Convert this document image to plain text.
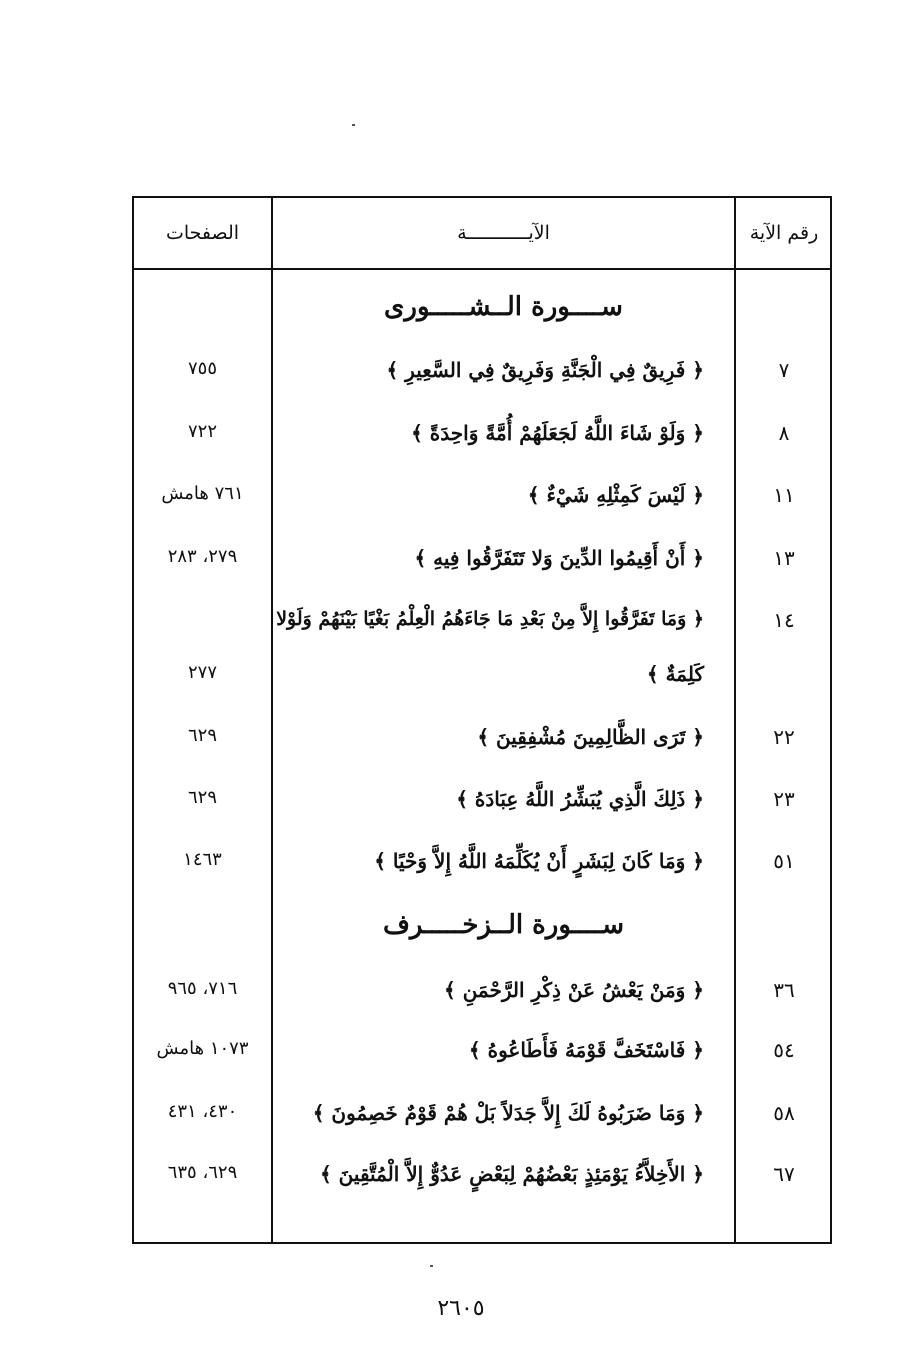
الصفحات	الآيـــــــــــة	رقم الآية
ســــورة الــشـــــورى
٧
﴿ فَرِيقٌ فِي الْجَنَّةِ وَفَرِيقٌ فِي السَّعِيرِ ﴾
٧٥٥
٨
﴿ وَلَوْ شَاءَ اللَّهُ لَجَعَلَهُمْ أُمَّةً وَاحِدَةً ﴾
٧٢٢
١١
﴿ لَيْسَ كَمِثْلِهِ شَيْءٌ ﴾
٧٦١ هامش
١٣
﴿ أَنْ أَقِيمُوا الدِّينَ وَلا تَتَفَرَّقُوا فِيهِ ﴾
٢٧٩، ٢٨٣
١٤
﴿ وَمَا تَفَرَّقُوا إِلاَّ مِنْ بَعْدِ مَا جَاءَهُمُ الْعِلْمُ بَغْيًا بَيْنَهُمْ وَلَوْلا
كَلِمَةٌ ﴾
٢٧٧
٢٢
﴿ تَرَى الظَّالِمِينَ مُشْفِقِينَ ﴾
٦٢٩
٢٣
﴿ ذَلِكَ الَّذِي يُبَشِّرُ اللَّهُ عِبَادَهُ ﴾
٦٢٩
٥١
﴿ وَمَا كَانَ لِبَشَرٍ أَنْ يُكَلِّمَهُ اللَّهُ إِلاَّ وَحْيًا ﴾
١٤٦٣
ســــورة الــزخـــــرف
٣٦
﴿ وَمَنْ يَعْشُ عَنْ ذِكْرِ الرَّحْمَنِ ﴾
٧١٦، ٩٦٥
٥٤
﴿ فَاسْتَخَفَّ قَوْمَهُ فَأَطَاعُوهُ ﴾
١٠٧٣ هامش
٥٨
﴿ وَمَا ضَرَبُوهُ لَكَ إِلاَّ جَدَلاً بَلْ هُمْ قَوْمٌ خَصِمُونَ ﴾
٤٣٠، ٤٣١
٦٧
﴿ الأَخِلاَّءُ يَوْمَئِذٍ بَعْضُهُمْ لِبَعْضٍ عَدُوٌّ إِلاَّ الْمُتَّقِينَ ﴾
٦٢٩، ٦٣٥
٢٦٠٥
